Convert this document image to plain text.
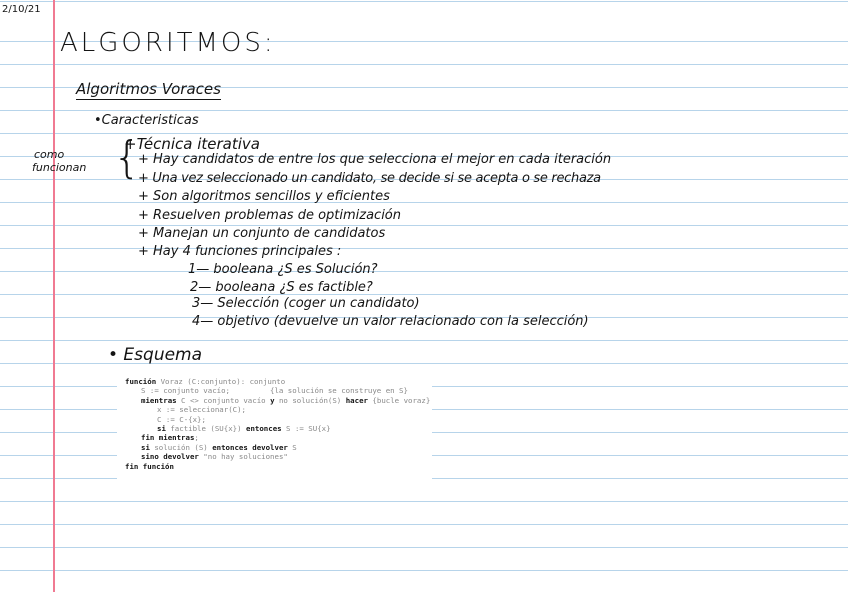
2/10/21
ALGORITMOS:
Algoritmos Voraces
•Caracteristicas
como
funcionan {
+Técnica iterativa
+ Hay candidatos de entre los que selecciona el mejor en cada iteración
+ Una vez seleccionado un candidato, se decide si se acepta o se rechaza
+ Son algoritmos sencillos y eficientes
+ Resuelven problemas de optimización
+ Manejan un conjunto de candidatos
+ Hay 4 funciones principales :
1— booleana ¿S es Solución?
2— booleana ¿S es factible?
3— Selección (coger un candidato)
4— objetivo (devuelve un valor relacionado con la selección)
• Esquema
función Voraz (C:conjunto): conjunto
S := conjunto vacío;	{la solución se construye en S}
mientras C <> conjunto vacío y no solución(S) hacer {bucle voraz}
x := seleccionar(C);
C := C-{x};
si factible (SU{x}) entonces S := SU{x}
fin mientras;
si solución (S) entonces devolver S
sino devolver "no hay soluciones"
fin función
